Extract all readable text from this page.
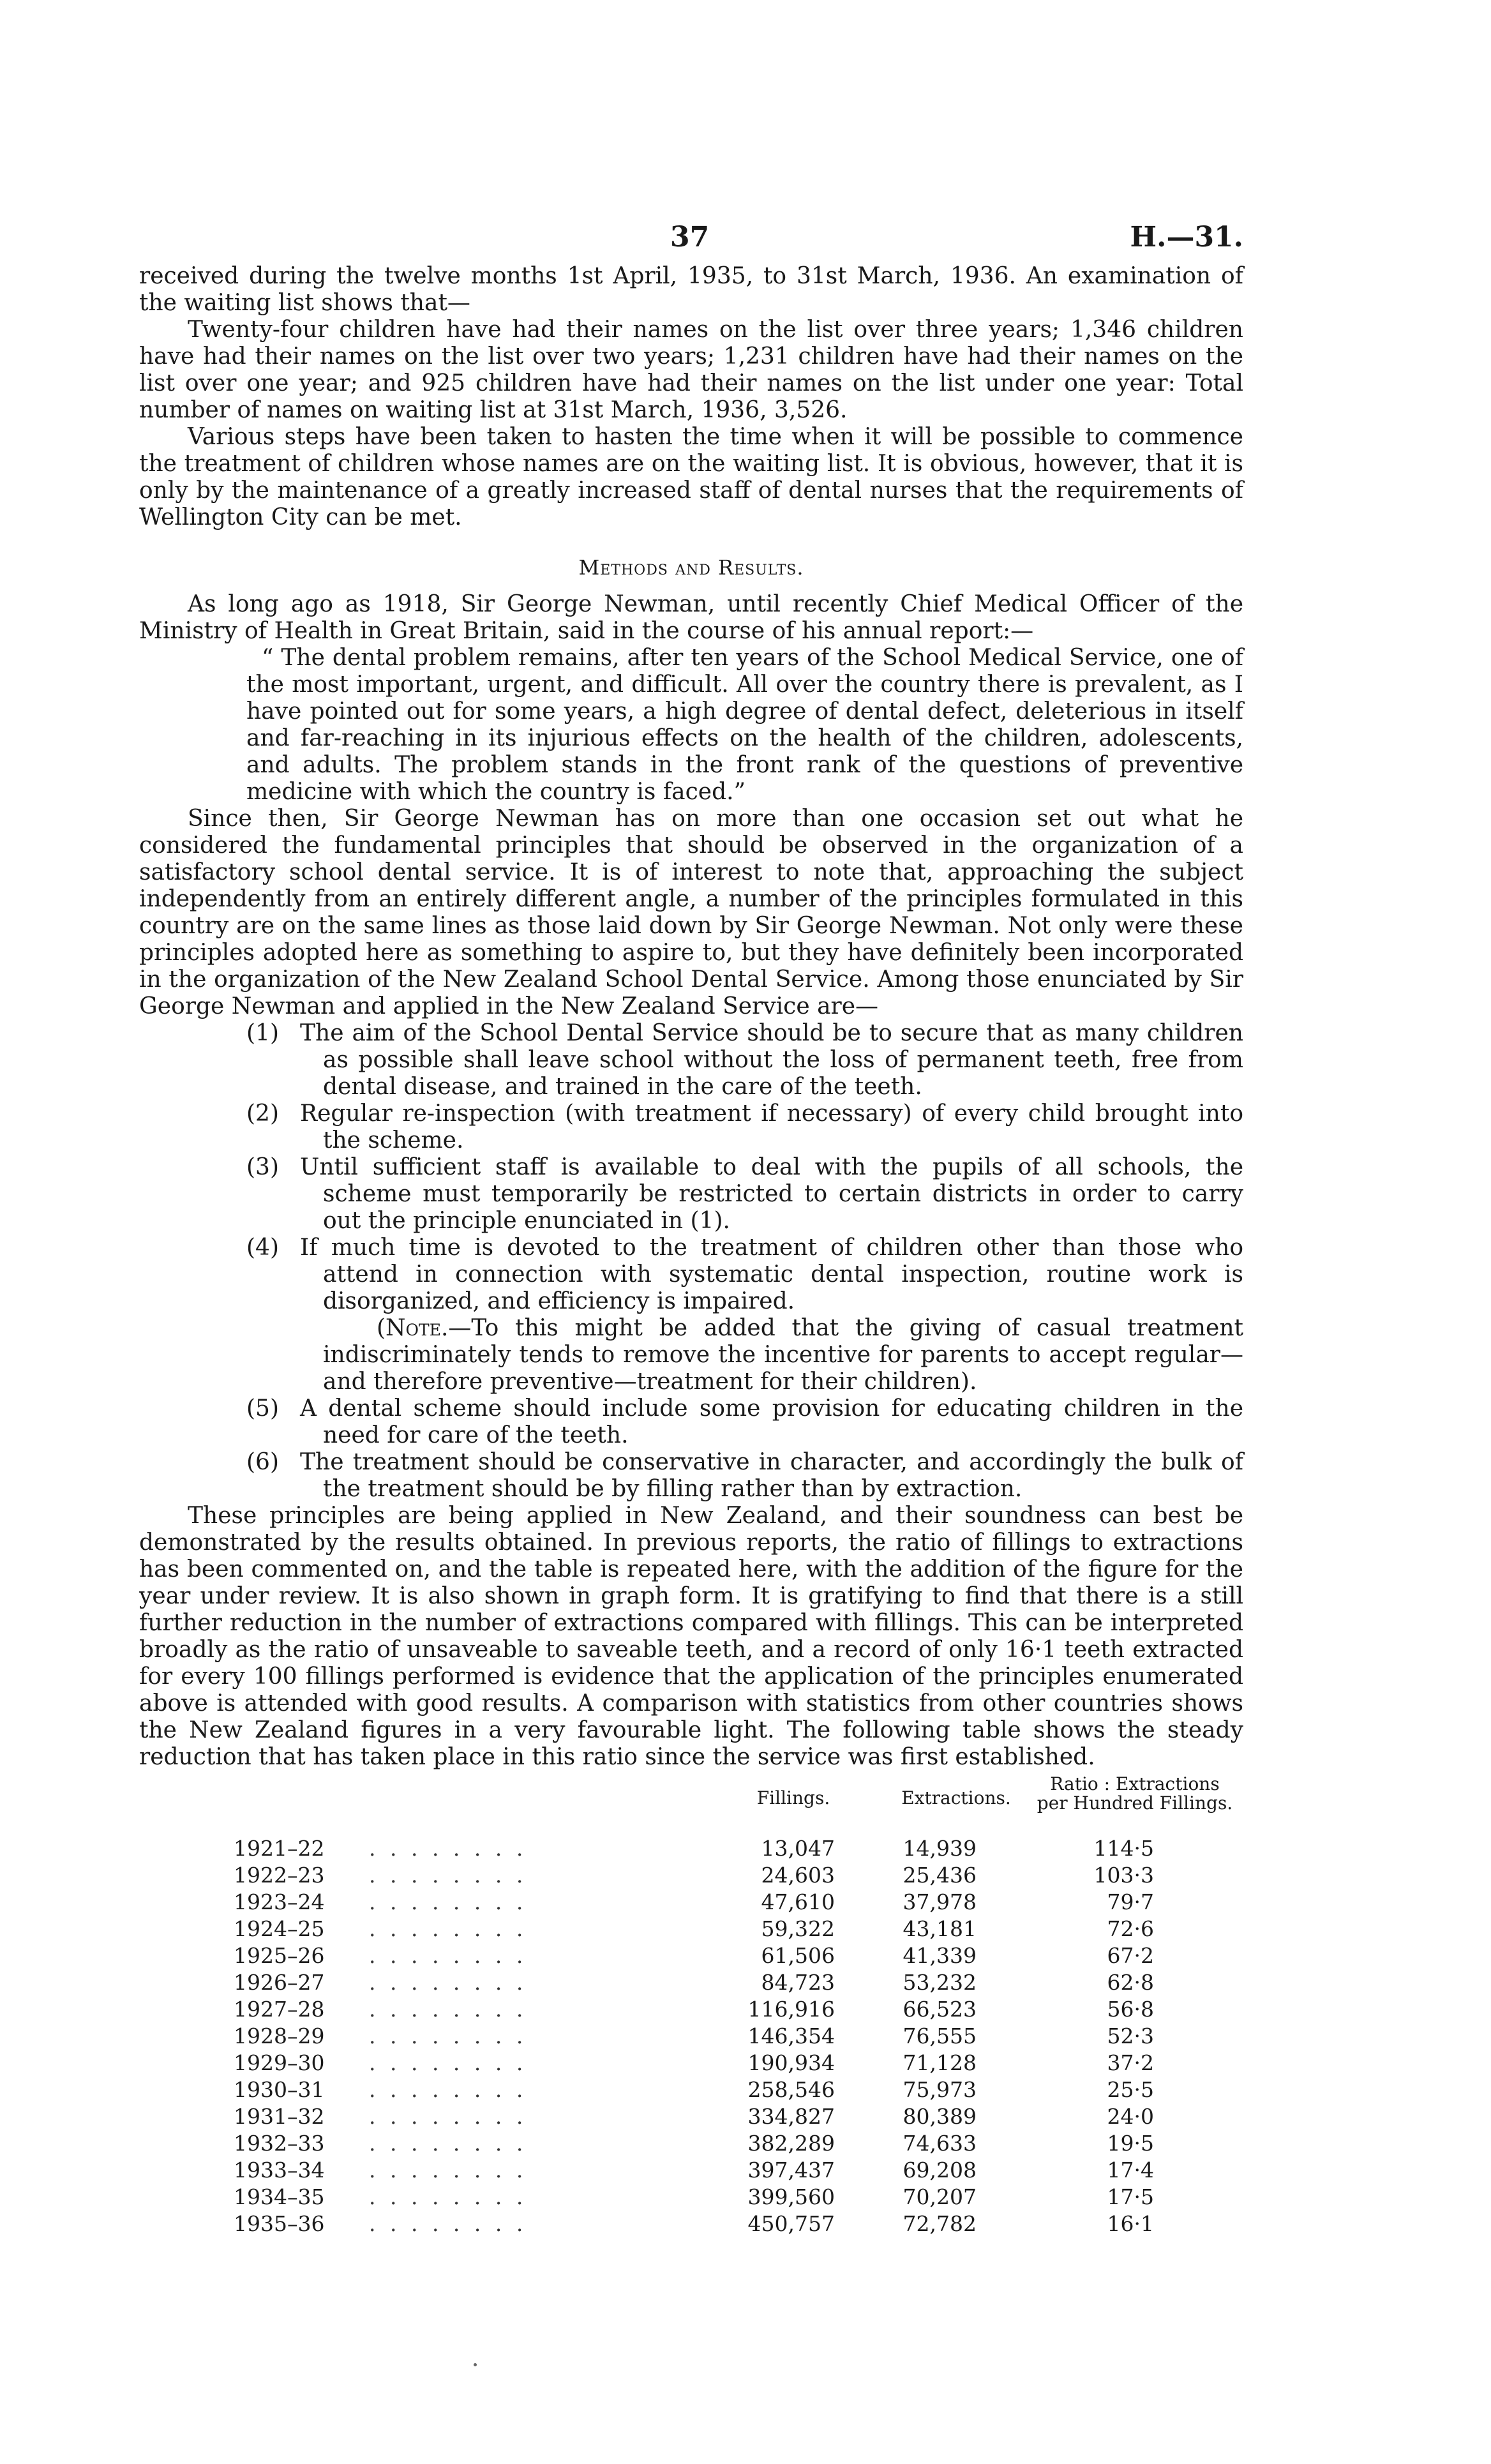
37	H.—31.

received during the twelve months 1st April, 1935, to 31st March, 1936. An examination of the waiting list shows that—

Twenty-four children have had their names on the list over three years; 1,346 children have had their names on the list over two years; 1,231 children have had their names on the list over one year; and 925 children have had their names on the list under one year: Total number of names on waiting list at 31st March, 1936, 3,526.

Various steps have been taken to hasten the time when it will be possible to commence the treatment of children whose names are on the waiting list. It is obvious, however, that it is only by the maintenance of a greatly increased staff of dental nurses that the requirements of Wellington City can be met.

Methods and Results.

As long ago as 1918, Sir George Newman, until recently Chief Medical Officer of the Ministry of Health in Great Britain, said in the course of his annual report:—

“ The dental problem remains, after ten years of the School Medical Service, one of the most important, urgent, and difficult. All over the country there is prevalent, as I have pointed out for some years, a high degree of dental defect, deleterious in itself and far-reaching in its injurious effects on the health of the children, adolescents, and adults. The problem stands in the front rank of the questions of preventive medicine with which the country is faced.”

Since then, Sir George Newman has on more than one occasion set out what he considered the fundamental principles that should be observed in the organization of a satisfactory school dental service. It is of interest to note that, approaching the subject independently from an entirely different angle, a number of the principles formulated in this country are on the same lines as those laid down by Sir George Newman. Not only were these principles adopted here as something to aspire to, but they have definitely been incorporated in the organization of the New Zealand School Dental Service. Among those enunciated by Sir George Newman and applied in the New Zealand Service are—

(1) The aim of the School Dental Service should be to secure that as many children as possible shall leave school without the loss of permanent teeth, free from dental disease, and trained in the care of the teeth.
(2) Regular re-inspection (with treatment if necessary) of every child brought into the scheme.
(3) Until sufficient staff is available to deal with the pupils of all schools, the scheme must temporarily be restricted to certain districts in order to carry out the principle enunciated in (1).
(4) If much time is devoted to the treatment of children other than those who attend in connection with systematic dental inspection, routine work is disorganized, and efficiency is impaired.
(Note.—To this might be added that the giving of casual treatment indiscriminately tends to remove the incentive for parents to accept regular—and therefore preventive—treatment for their children).
(5) A dental scheme should include some provision for educating children in the need for care of the teeth.
(6) The treatment should be conservative in character, and accordingly the bulk of the treatment should be by filling rather than by extraction.

These principles are being applied in New Zealand, and their soundness can best be demonstrated by the results obtained. In previous reports, the ratio of fillings to extractions has been commented on, and the table is repeated here, with the addition of the figure for the year under review. It is also shown in graph form. It is gratifying to find that there is a still further reduction in the number of extractions compared with fillings. This can be interpreted broadly as the ratio of unsaveable to saveable teeth, and a record of only 16·1 teeth extracted for every 100 fillings performed is evidence that the application of the principles enumerated above is attended with good results. A comparison with statistics from other countries shows the New Zealand figures in a very favourable light. The following table shows the steady reduction that has taken place in this ratio since the service was first established.

Fillings.	Extractions.
Ratio : Extractions
per Hundred Fillings.
1921–22 . . . . . . . .	13,047	14,939	114·5
1922–23 . . . . . . . .	24,603	25,436	103·3
1923–24 . . . . . . . .	47,610	37,978	79·7
1924–25 . . . . . . . .	59,322	43,181	72·6
1925–26 . . . . . . . .	61,506	41,339	67·2
1926–27 . . . . . . . .	84,723	53,232	62·8
1927–28 . . . . . . . .	116,916	66,523	56·8
1928–29 . . . . . . . .	146,354	76,555	52·3
1929–30 . . . . . . . .	190,934	71,128	37·2
1930–31 . . . . . . . .	258,546	75,973	25·5
1931–32 . . . . . . . .	334,827	80,389	24·0
1932–33 . . . . . . . .	382,289	74,633	19·5
1933–34 . . . . . . . .	397,437	69,208	17·4
1934–35 . . . . . . . .	399,560	70,207	17·5
1935–36 . . . . . . . .	450,757	72,782	16·1
